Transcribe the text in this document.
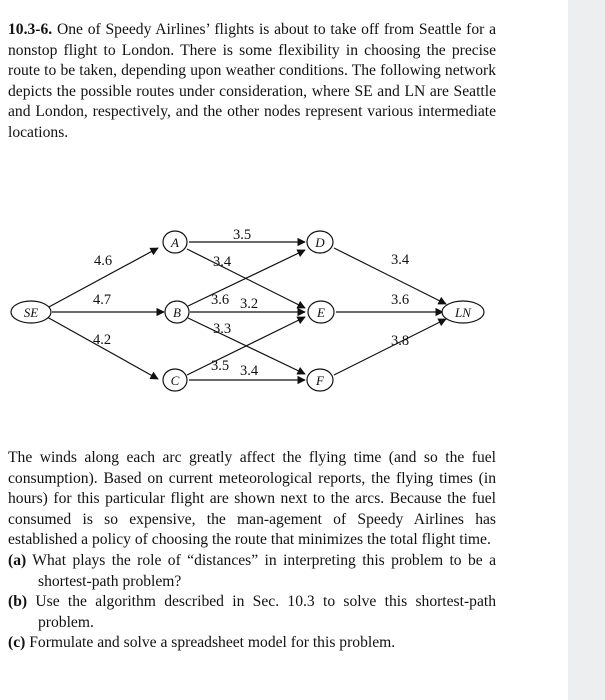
10.3-6. One of Speedy Airlines’ flights is about to take off from Seattle for a nonstop flight to London. There is some flexibility in choosing the precise route to be taken, depending upon weather conditions. The following network depicts the possible routes under consideration, where SE and LN are Seattle and London, respectively, and the other nodes represent various intermediate locations.

SE
A
B
C
D
E
F
LN
4.6
4.7
4.2
3.5
3.4
3.6 3.2
3.3
3.5 3.4
3.4
3.6
3.8

The winds along each arc greatly affect the flying time (and so the fuel consumption). Based on current meteorological reports, the flying times (in hours) for this particular flight are shown next to the arcs. Because the fuel consumed is so expensive, the man-agement of Speedy Airlines has established a policy of choosing the route that minimizes the total flight time.

(a) What plays the role of “distances” in interpreting this problem to be a shortest-path problem?

(b) Use the algorithm described in Sec. 10.3 to solve this shortest-path problem.

(c) Formulate and solve a spreadsheet model for this problem.
